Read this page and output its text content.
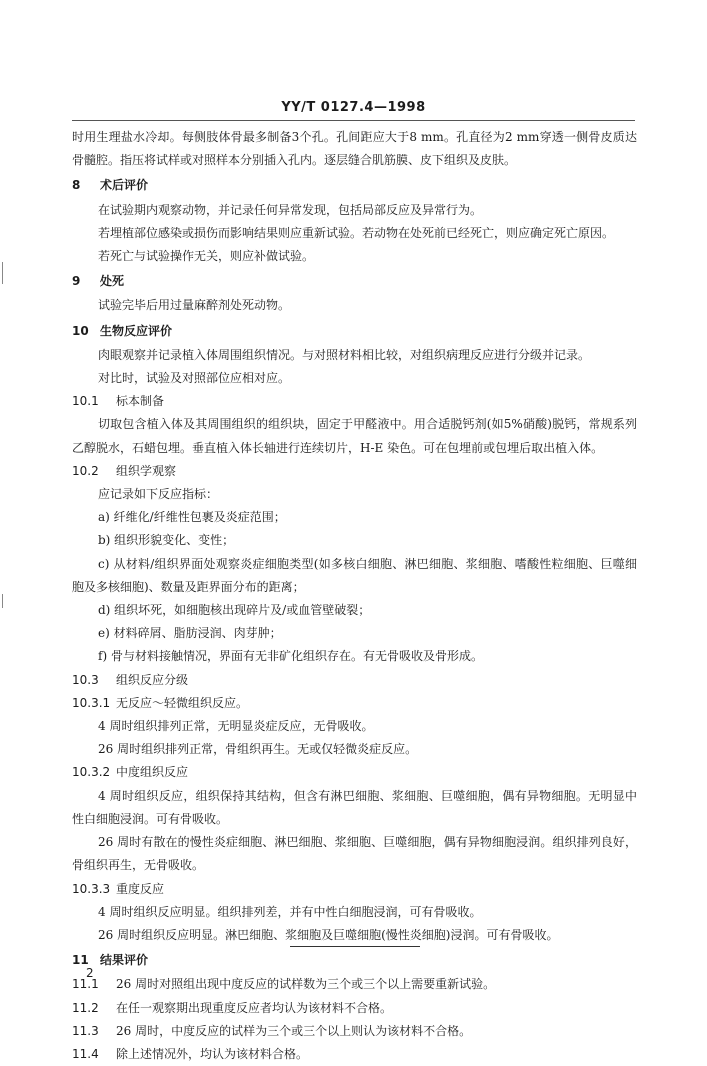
YY/T 0127.4—1998

时用生理盐水冷却。每侧肢体骨最多制备3个孔。孔间距应大于8 mm。孔直径为2 mm穿透一侧骨皮质达骨髓腔。指压将试样或对照样本分别插入孔内。逐层缝合肌筋膜、皮下组织及皮肤。

8 术后评价

在试验期内观察动物，并记录任何异常发现，包括局部反应及异常行为。

若埋植部位感染或损伤而影响结果则应重新试验。若动物在处死前已经死亡，则应确定死亡原因。

若死亡与试验操作无关，则应补做试验。

9 处死

试验完毕后用过量麻醉剂处死动物。

10 生物反应评价

肉眼观察并记录植入体周围组织情况。与对照材料相比较，对组织病理反应进行分级并记录。

对比时，试验及对照部位应相对应。

10.1 标本制备

切取包含植入体及其周围组织的组织块，固定于甲醛液中。用合适脱钙剂(如5%硝酸)脱钙，常规系列乙醇脱水，石蜡包埋。垂直植入体长轴进行连续切片，H-E 染色。可在包埋前或包埋后取出植入体。

10.2 组织学观察

应记录如下反应指标：

a) 纤维化/纤维性包裹及炎症范围；

b) 组织形貌变化、变性；

c) 从材料/组织界面处观察炎症细胞类型(如多核白细胞、淋巴细胞、浆细胞、嗜酸性粒细胞、巨噬细胞及多核细胞)、数量及距界面分布的距离；

d) 组织坏死，如细胞核出现碎片及/或血管壁破裂；

e) 材料碎屑、脂肪浸润、肉芽肿；

f) 骨与材料接触情况，界面有无非矿化组织存在。有无骨吸收及骨形成。

10.3 组织反应分级
10.3.1 无反应～轻微组织反应。

4 周时组织排列正常，无明显炎症反应，无骨吸收。

26 周时组织排列正常，骨组织再生。无或仅轻微炎症反应。

10.3.2 中度组织反应

4 周时组织反应，组织保持其结构，但含有淋巴细胞、浆细胞、巨噬细胞，偶有异物细胞。无明显中性白细胞浸润。可有骨吸收。

26 周时有散在的慢性炎症细胞、淋巴细胞、浆细胞、巨噬细胞，偶有异物细胞浸润。组织排列良好，骨组织再生，无骨吸收。

10.3.3 重度反应

4 周时组织反应明显。组织排列差，并有中性白细胞浸润，可有骨吸收。

26 周时组织反应明显。淋巴细胞、浆细胞及巨噬细胞(慢性炎细胞)浸润。可有骨吸收。

11 结果评价
11.1 26 周时对照组出现中度反应的试样数为三个或三个以上需要重新试验。
11.2 在任一观察期出现重度反应者均认为该材料不合格。
11.3 26 周时，中度反应的试样为三个或三个以上则认为该材料不合格。
11.4 除上述情况外，均认为该材料合格。
2
